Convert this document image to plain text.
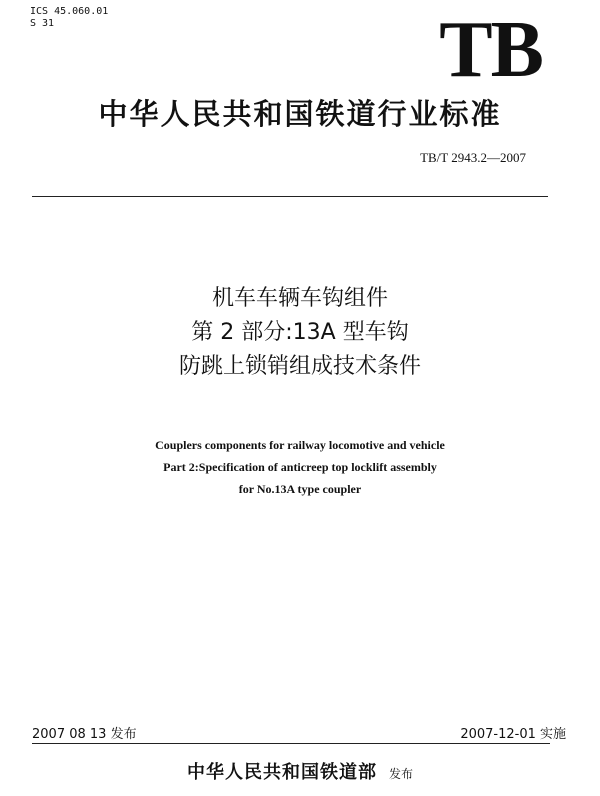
ICS 45.060.01
S 31	TB
中华人民共和国铁道行业标准
TB/T 2943.2—2007
机车车辆车钩组件
第 2 部分:13A 型车钩
防跳上锁销组成技术条件
Couplers components for railway locomotive and vehicle
Part 2:Specification of anticreep top locklift assembly
for No.13A type coupler
2007 08 13 发布	2007-12-01 实施
中华人民共和国铁道部 发布
